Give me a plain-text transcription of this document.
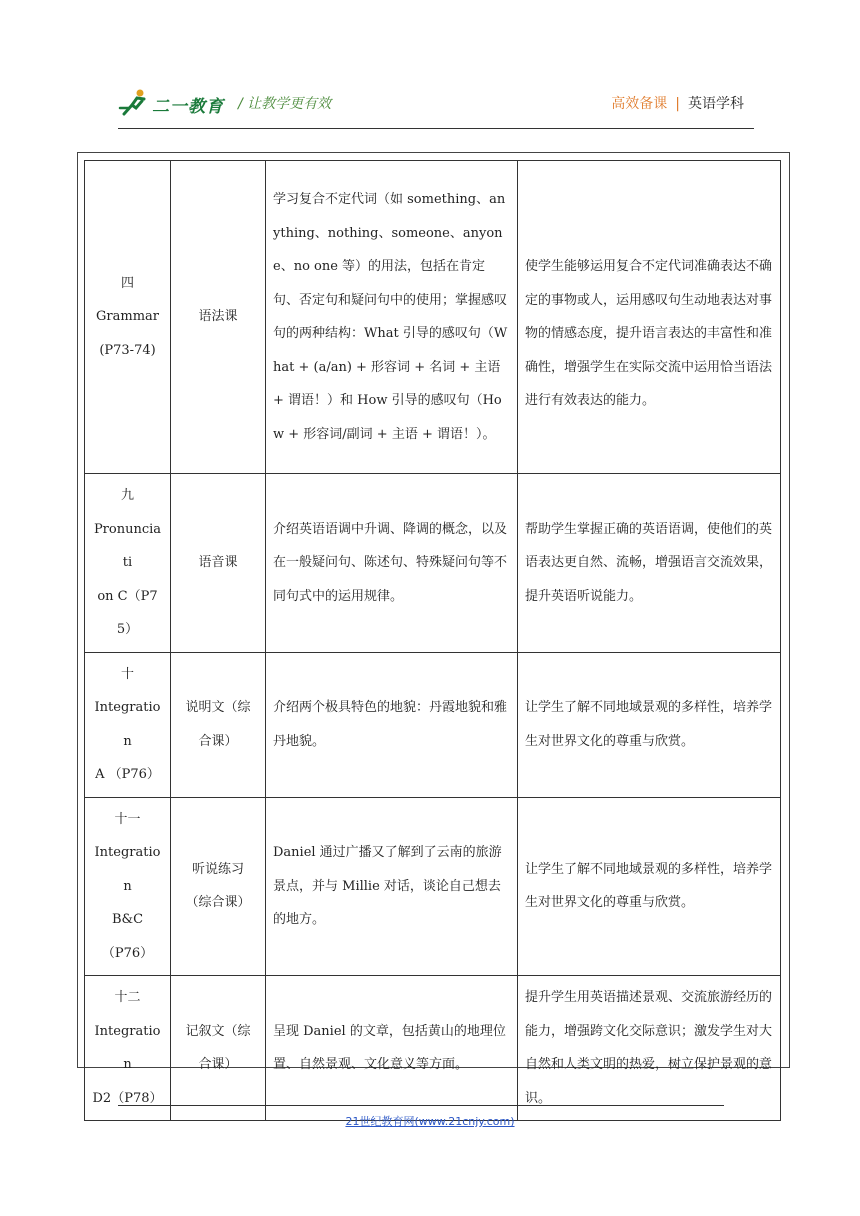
二一教育 / 让教学更有效	高效备课 | 英语学科
四
Grammar
(P73-74)	语法课	学习复合不定代词（如 something、anything、nothing、someone、anyone、no one 等）的用法，包括在肯定句、否定句和疑问句中的使用；掌握感叹句的两种结构：What 引导的感叹句（What + (a/an) + 形容词 + 名词 + 主语 + 谓语！）和 How 引导的感叹句（How + 形容词/副词 + 主语 + 谓语！）。	使学生能够运用复合不定代词准确表达不确定的事物或人，运用感叹句生动地表达对事物的情感态度，提升语言表达的丰富性和准确性，增强学生在实际交流中运用恰当语法进行有效表达的能力。

九
Pronunciati
on C（P75）	语音课	介绍英语语调中升调、降调的概念，以及在一般疑问句、陈述句、特殊疑问句等不同句式中的运用规律。	帮助学生掌握正确的英语语调，使他们的英语表达更自然、流畅，增强语言交流效果，提升英语听说能力。

十
Integration
A （P76）	说明文（综
合课）	介绍两个极具特色的地貌：丹霞地貌和雅丹地貌。	让学生了解不同地域景观的多样性，培养学生对世界文化的尊重与欣赏。

十一
Integration
B&C
（P76）	听说练习
（综合课）	Daniel 通过广播又了解到了云南的旅游景点，并与 Millie 对话，谈论自己想去的地方。	让学生了解不同地域景观的多样性，培养学生对世界文化的尊重与欣赏。

十二
Integration
D2（P78）	记叙文（综
合课）	呈现 Daniel 的文章，包括黄山的地理位置、自然景观、文化意义等方面。	提升学生用英语描述景观、交流旅游经历的能力，增强跨文化交际意识；激发学生对大自然和人类文明的热爱，树立保护景观的意识。
21世纪教育网(www.21cnjy.com)
